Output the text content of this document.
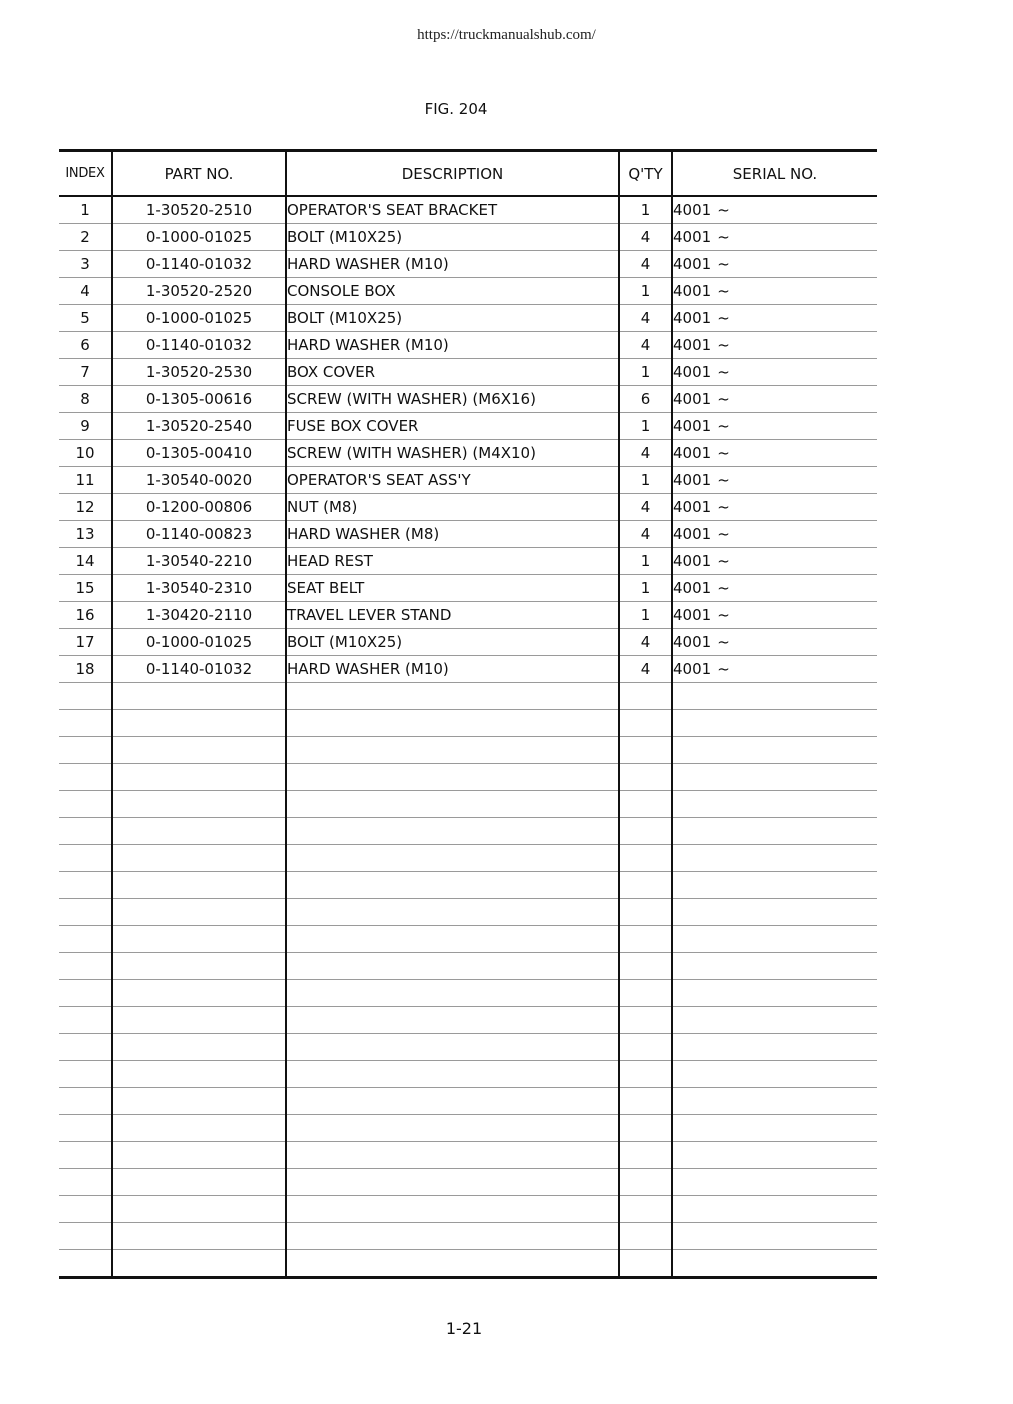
https://truckmanualshub.com/
FIG. 204
INDEX	PART NO.	DESCRIPTION	Q'TY	SERIAL NO.
1	1-30520-2510	OPERATOR'S SEAT BRACKET	1	4001 ~
2	0-1000-01025	BOLT (M10X25)	4	4001 ~
3	0-1140-01032	HARD WASHER (M10)	4	4001 ~
4	1-30520-2520	CONSOLE BOX	1	4001 ~
5	0-1000-01025	BOLT (M10X25)	4	4001 ~
6	0-1140-01032	HARD WASHER (M10)	4	4001 ~
7	1-30520-2530	BOX COVER	1	4001 ~
8	0-1305-00616	SCREW (WITH WASHER) (M6X16)	6	4001 ~
9	1-30520-2540	FUSE BOX COVER	1	4001 ~
10	0-1305-00410	SCREW (WITH WASHER) (M4X10)	4	4001 ~
11	1-30540-0020	OPERATOR'S SEAT ASS'Y	1	4001 ~
12	0-1200-00806	NUT (M8)	4	4001 ~
13	0-1140-00823	HARD WASHER (M8)	4	4001 ~
14	1-30540-2210	HEAD REST	1	4001 ~
15	1-30540-2310	SEAT BELT	1	4001 ~
16	1-30420-2110	TRAVEL LEVER STAND	1	4001 ~
17	0-1000-01025	BOLT (M10X25)	4	4001 ~
18	0-1140-01032	HARD WASHER (M10)	4	4001 ~

1-21
